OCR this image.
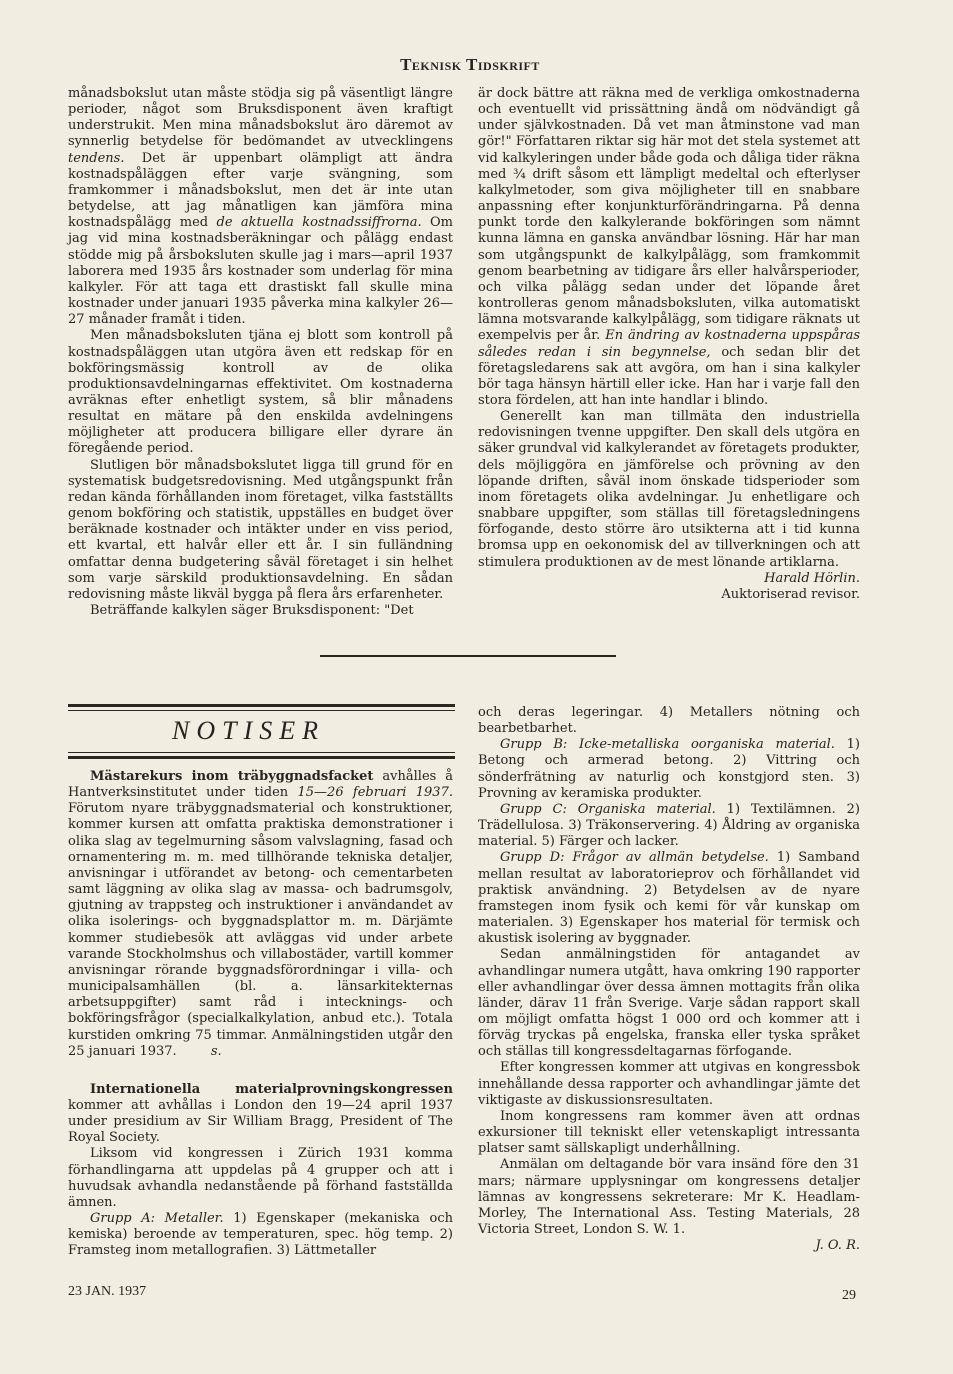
Teknisk Tidskrift

månadsbokslut utan måste stödja sig på väsentligt längre perioder, något som Bruksdisponent även kraftigt understrukit. Men mina månadsbokslut äro däremot av synnerlig betydelse för bedömandet av utvecklingens tendens. Det är uppenbart olämpligt att ändra kostnadspåläggen efter varje svängning, som framkommer i månadsbokslut, men det är inte utan betydelse, att jag månatligen kan jämföra mina kostnadspålägg med de aktuella kostnadssiffrorna. Om jag vid mina kostnadsberäkningar och pålägg endast stödde mig på årsboksluten skulle jag i mars—april 1937 laborera med 1935 års kostnader som underlag för mina kalkyler. För att taga ett drastiskt fall skulle mina kostnader under januari 1935 påverka mina kalkyler 26—27 månader framåt i tiden.

Men månadsboksluten tjäna ej blott som kontroll på kostnadspåläggen utan utgöra även ett redskap för en bokföringsmässig kontroll av de olika produktionsavdelningarnas effektivitet. Om kostnaderna avräknas efter enhetligt system, så blir månadens resultat en mätare på den enskilda avdelningens möjligheter att producera billigare eller dyrare än föregående period.

Slutligen bör månadsbokslutet ligga till grund för en systematisk budgetsredovisning. Med utgångspunkt från redan kända förhållanden inom företaget, vilka fastställts genom bokföring och statistik, uppställes en budget över beräknade kostnader och intäkter under en viss period, ett kvartal, ett halvår eller ett år. I sin fulländning omfattar denna budgetering såväl företaget i sin helhet som varje särskild produktionsavdelning. En sådan redovisning måste likväl bygga på flera års erfarenheter.

Beträffande kalkylen säger Bruksdisponent: "Det

är dock bättre att räkna med de verkliga omkostnaderna och eventuellt vid prissättning ändå om nödvändigt gå under självkostnaden. Då vet man åtminstone vad man gör!" Författaren riktar sig här mot det stela systemet att vid kalkyleringen under både goda och dåliga tider räkna med ¾ drift såsom ett lämpligt medeltal och efterlyser kalkylmetoder, som giva möjligheter till en snabbare anpassning efter konjunkturförändringarna. På denna punkt torde den kalkylerande bokföringen som nämnt kunna lämna en ganska användbar lösning. Här har man som utgångspunkt de kalkylpålägg, som framkommit genom bearbetning av tidigare års eller halvårsperioder, och vilka pålägg sedan under det löpande året kontrolleras genom månadsboksluten, vilka automatiskt lämna motsvarande kalkylpålägg, som tidigare räknats ut exempelvis per år. En ändring av kostnaderna uppspåras således redan i sin begynnelse, och sedan blir det företagsledarens sak att avgöra, om han i sina kalkyler bör taga hänsyn härtill eller icke. Han har i varje fall den stora fördelen, att han inte handlar i blindo.

Generellt kan man tillmäta den industriella redovisningen tvenne uppgifter. Den skall dels utgöra en säker grundval vid kalkylerandet av företagets produkter, dels möjliggöra en jämförelse och prövning av den löpande driften, såväl inom önskade tidsperioder som inom företagets olika avdelningar. Ju enhetligare och snabbare uppgifter, som ställas till företagsledningens förfogande, desto större äro utsikterna att i tid kunna bromsa upp en oekonomisk del av tillverkningen och att stimulera produktionen av de mest lönande artiklarna.

Harald Hörlin.

Auktoriserad revisor.

NOTISER

Mästarekurs inom träbyggnadsfacket avhålles å Hantverksinstitutet under tiden 15—26 februari 1937. Förutom nyare träbyggnadsmaterial och konstruktioner, kommer kursen att omfatta praktiska demonstrationer i olika slag av tegelmurning såsom valvslagning, fasad och ornamentering m. m. med tillhörande tekniska detaljer, anvisningar i utförandet av betong- och cementarbeten samt läggning av olika slag av massa- och badrumsgolv, gjutning av trappsteg och instruktioner i användandet av olika isolerings- och byggnadsplattor m. m. Därjämte kommer studiebesök att avläggas vid under arbete varande Stockholmshus och villabostäder, vartill kommer anvisningar rörande byggnadsförordningar i villa- och municipalsamhällen (bl. a. länsarkitekternas arbetsuppgifter) samt råd i intecknings- och bokföringsfrågor (specialkalkylation, anbud etc.). Totala kurstiden omkring 75 timmar. Anmälningstiden utgår den 25 januari 1937.	s.

Internationella materialprovningskongressen kommer att avhållas i London den 19—24 april 1937 under presidium av Sir William Bragg, President of The Royal Society.

Liksom vid kongressen i Zürich 1931 komma förhandlingarna att uppdelas på 4 grupper och att i huvudsak avhandla nedanstående på förhand fastställda ämnen.

Grupp A: Metaller. 1) Egenskaper (mekaniska och kemiska) beroende av temperaturen, spec. hög temp. 2) Framsteg inom metallografien. 3) Lättmetaller

och deras legeringar. 4) Metallers nötning och bearbetbarhet.

Grupp B: Icke-metalliska oorganiska material. 1) Betong och armerad betong. 2) Vittring och sönderfrätning av naturlig och konstgjord sten. 3) Provning av keramiska produkter.

Grupp C: Organiska material. 1) Textilämnen. 2) Trädellulosa. 3) Träkonservering. 4) Åldring av organiska material. 5) Färger och lacker.

Grupp D: Frågor av allmän betydelse. 1) Samband mellan resultat av laboratorieprov och förhållandet vid praktisk användning. 2) Betydelsen av de nyare framstegen inom fysik och kemi för vår kunskap om materialen. 3) Egenskaper hos material för termisk och akustisk isolering av byggnader.

Sedan anmälningstiden för antagandet av avhandlingar numera utgått, hava omkring 190 rapporter eller avhandlingar över dessa ämnen mottagits från olika länder, därav 11 från Sverige. Varje sådan rapport skall om möjligt omfatta högst 1 000 ord och kommer att i förväg tryckas på engelska, franska eller tyska språket och ställas till kongressdeltagarnas förfogande.

Efter kongressen kommer att utgivas en kongressbok innehållande dessa rapporter och avhandlingar jämte det viktigaste av diskussionsresultaten.

Inom kongressens ram kommer även att ordnas exkursioner till tekniskt eller vetenskapligt intressanta platser samt sällskapligt underhållning.

Anmälan om deltagande bör vara insänd före den 31 mars; närmare upplysningar om kongressens detaljer lämnas av kongressens sekreterare: Mr K. Headlam-Morley, The International Ass. Testing Materials, 28 Victoria Street, London S. W. 1.

J. O. R.

23 JAN. 1937	29
